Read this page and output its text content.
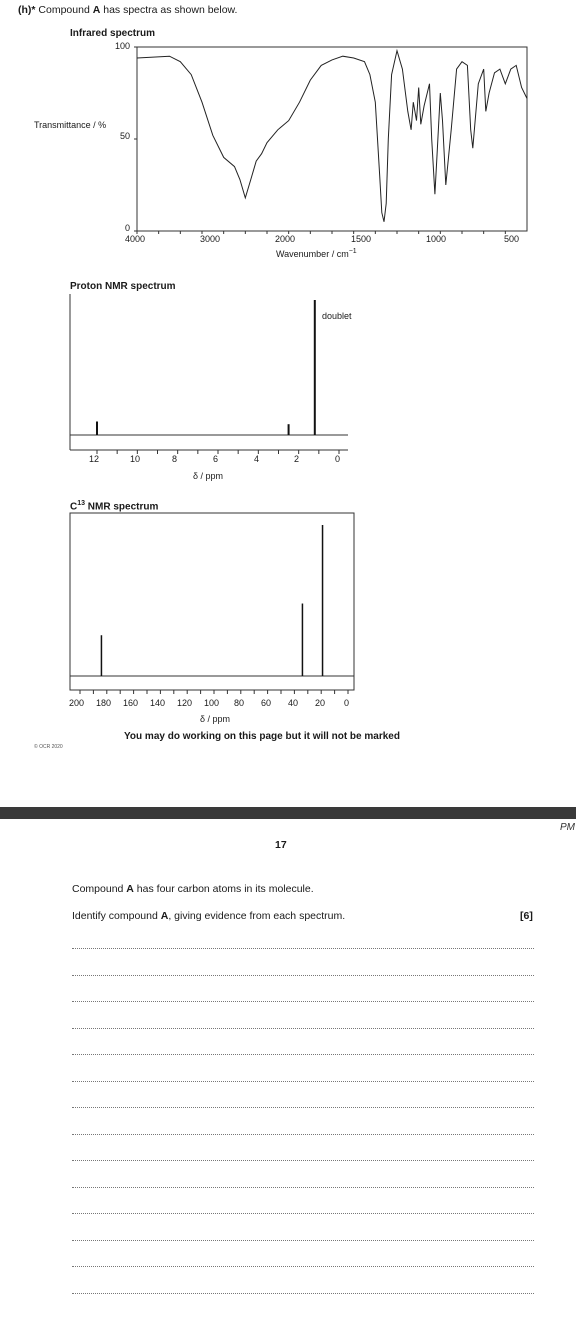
(h)* Compound A has spectra as shown below.
Infrared spectrum
Transmittance / %
100
50
0
4000	3000	2000	1500	1000	500
Wavenumber / $cm^{-1}$
Proton NMR spectrum
doublet
12	10	8	6	4	2	0
δ / ppm
$C^{13}$ NMR spectrum
200 180 160 140 120 100 80 60 40 20 0
δ / ppm
You may do working on this page but it will not be marked
© OCR 2020
PM
17
Compound A has four carbon atoms in its molecule.
Identify compound A, giving evidence from each spectrum.	[6]
